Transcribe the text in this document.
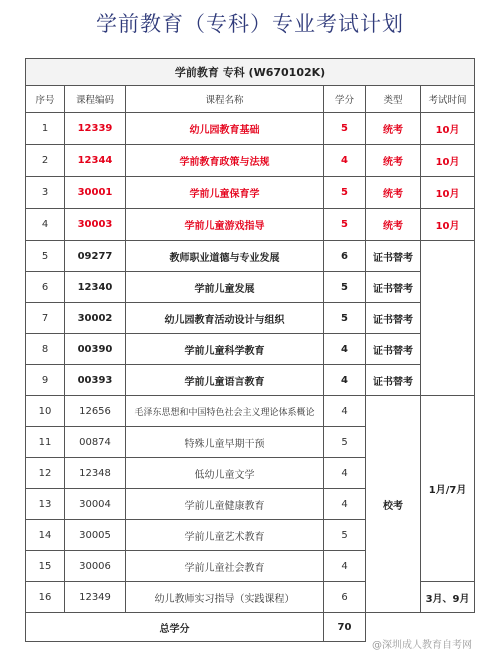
学前教育（专科）专业考试计划
学前教育 专科 (W670102K)					
序号	课程编码	课程名称	学分	类型	考试时间
1	12339	幼儿园教育基础	5	统考	10月
2	12344	学前教育政策与法规	4	统考	10月
3	30001	学前儿童保育学	5	统考	10月
4	30003	学前儿童游戏指导	5	统考	10月
5	09277	教师职业道德与专业发展	6	证书替考	
6	12340	学前儿童发展	5	证书替考	
7	30002	幼儿园教育活动设计与组织	5	证书替考	
8	00390	学前儿童科学教育	4	证书替考	
9	00393	学前儿童语言教育	4	证书替考	
10	12656	毛泽东思想和中国特色社会主义理论体系概论	4	校考	1月/7月
11	00874	特殊儿童早期干预	5		
12	12348	低幼儿童文学	4		
13	30004	学前儿童健康教育	4		
14	30005	学前儿童艺术教育	5		
15	30006	学前儿童社会教育	4		
16	12349	幼儿教师实习指导（实践课程）	6		3月、9月
总学分			70		
@深圳成人教育自考网
